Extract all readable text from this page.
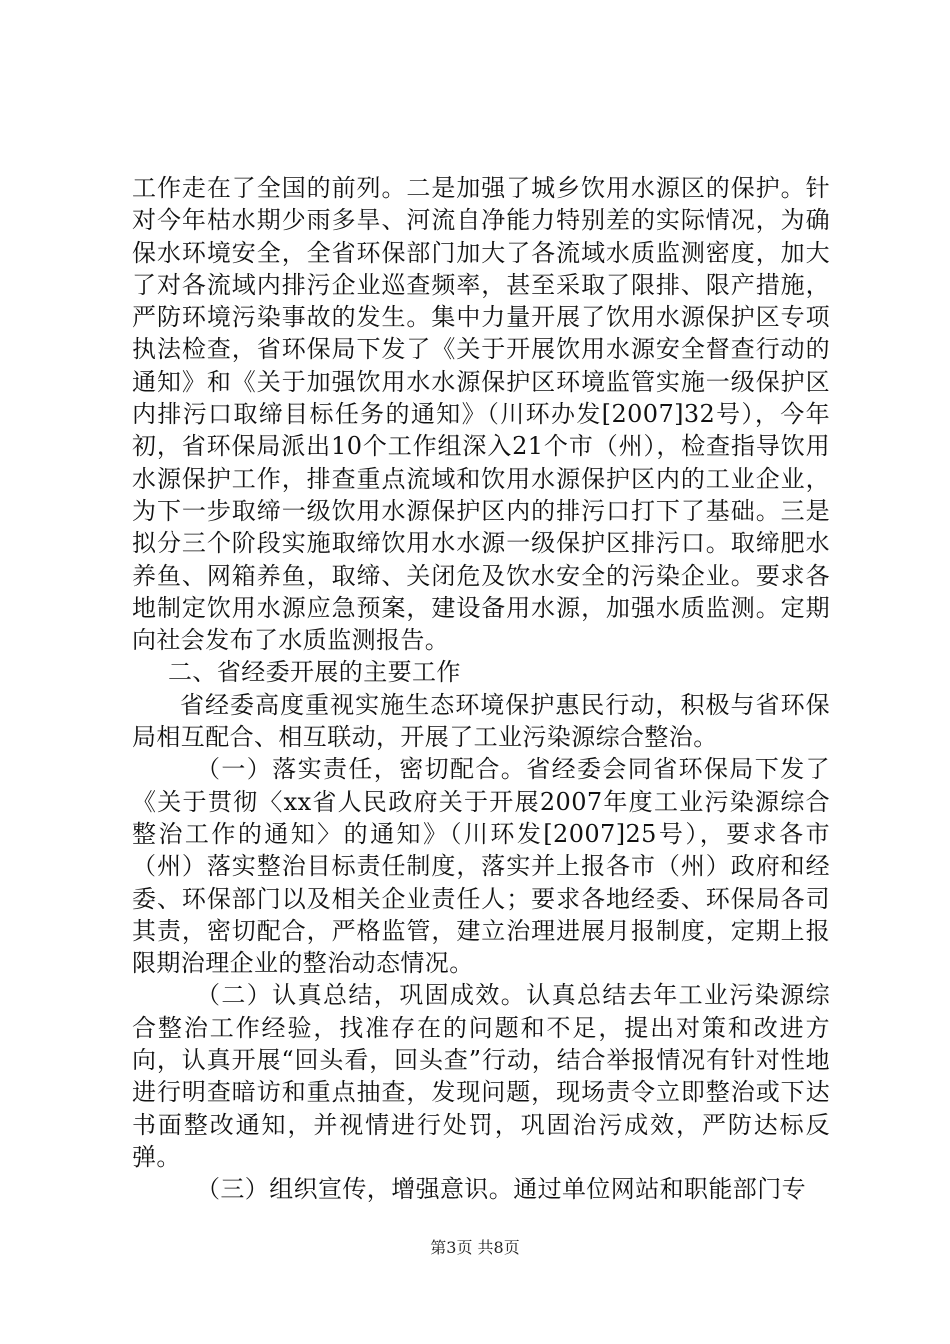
工作走在了全国的前列。二是加强了城乡饮用水源区的保护。针对今年枯水期少雨多旱、河流自净能力特别差的实际情况，为确保水环境安全，全省环保部门加大了各流域水质监测密度，加大了对各流域内排污企业巡查频率，甚至采取了限排、限产措施，严防环境污染事故的发生。集中力量开展了饮用水源保护区专项执法检查，省环保局下发了《关于开展饮用水源安全督查行动的通知》和《关于加强饮用水水源保护区环境监管实施一级保护区内排污口取缔目标任务的通知》（川环办发[2007]32号），今年初，省环保局派出10个工作组深入21个市（州），检查指导饮用水源保护工作，排查重点流域和饮用水源保护区内的工业企业，为下一步取缔一级饮用水源保护区内的排污口打下了基础。三是拟分三个阶段实施取缔饮用水水源一级保护区排污口。取缔肥水养鱼、网箱养鱼，取缔、关闭危及饮水安全的污染企业。要求各地制定饮用水源应急预案，建设备用水源，加强水质监测。定期向社会发布了水质监测报告。

二、省经委开展的主要工作

省经委高度重视实施生态环境保护惠民行动，积极与省环保局相互配合、相互联动，开展了工业污染源综合整治。

（一）落实责任，密切配合。省经委会同省环保局下发了《关于贯彻〈xx省人民政府关于开展2007年度工业污染源综合整治工作的通知〉的通知》（川环发[2007]25号），要求各市（州）落实整治目标责任制度，落实并上报各市（州）政府和经委、环保部门以及相关企业责任人；要求各地经委、环保局各司其责，密切配合，严格监管，建立治理进展月报制度，定期上报限期治理企业的整治动态情况。

（二）认真总结，巩固成效。认真总结去年工业污染源综合整治工作经验，找准存在的问题和不足，提出对策和改进方向，认真开展“回头看，回头查”行动，结合举报情况有针对性地进行明查暗访和重点抽查，发现问题，现场责令立即整治或下达书面整改通知，并视情进行处罚，巩固治污成效，严防达标反弹。

（三）组织宣传，增强意识。通过单位网站和职能部门专

第3页 共8页
